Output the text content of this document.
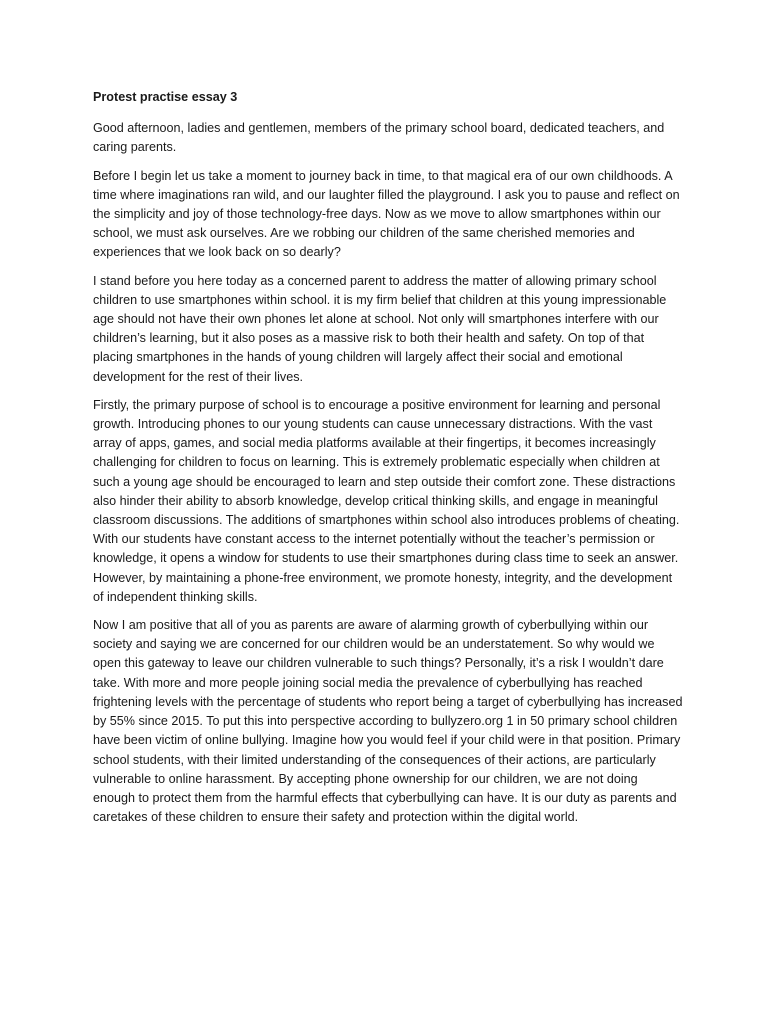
Protest practise essay 3

Good afternoon, ladies and gentlemen, members of the primary school board, dedicated teachers, and caring parents.

Before I begin let us take a moment to journey back in time, to that magical era of our own childhoods. A time where imaginations ran wild, and our laughter filled the playground. I ask you to pause and reflect on the simplicity and joy of those technology-free days. Now as we move to allow smartphones within our school, we must ask ourselves. Are we robbing our children of the same cherished memories and experiences that we look back on so dearly?

I stand before you here today as a concerned parent to address the matter of allowing primary school children to use smartphones within school. it is my firm belief that children at this young impressionable age should not have their own phones let alone at school. Not only will smartphones interfere with our children’s learning, but it also poses as a massive risk to both their health and safety. On top of that placing smartphones in the hands of young children will largely affect their social and emotional development for the rest of their lives.

Firstly, the primary purpose of school is to encourage a positive environment for learning and personal growth. Introducing phones to our young students can cause unnecessary distractions. With the vast array of apps, games, and social media platforms available at their fingertips, it becomes increasingly challenging for children to focus on learning. This is extremely problematic especially when children at such a young age should be encouraged to learn and step outside their comfort zone. These distractions also hinder their ability to absorb knowledge, develop critical thinking skills, and engage in meaningful classroom discussions. The additions of smartphones within school also introduces problems of cheating. With our students have constant access to the internet potentially without the teacher’s permission or knowledge, it opens a window for students to use their smartphones during class time to seek an answer. However, by maintaining a phone-free environment, we promote honesty, integrity, and the development of independent thinking skills.

Now I am positive that all of you as parents are aware of alarming growth of cyberbullying within our society and saying we are concerned for our children would be an understatement. So why would we open this gateway to leave our children vulnerable to such things? Personally, it’s a risk I wouldn’t dare take. With more and more people joining social media the prevalence of cyberbullying has reached frightening levels with the percentage of students who report being a target of cyberbullying has increased by 55% since 2015. To put this into perspective according to bullyzero.org 1 in 50 primary school children have been victim of online bullying. Imagine how you would feel if your child were in that position. Primary school students, with their limited understanding of the consequences of their actions, are particularly vulnerable to online harassment. By accepting phone ownership for our children, we are not doing enough to protect them from the harmful effects that cyberbullying can have. It is our duty as parents and caretakes of these children to ensure their safety and protection within the digital world.
